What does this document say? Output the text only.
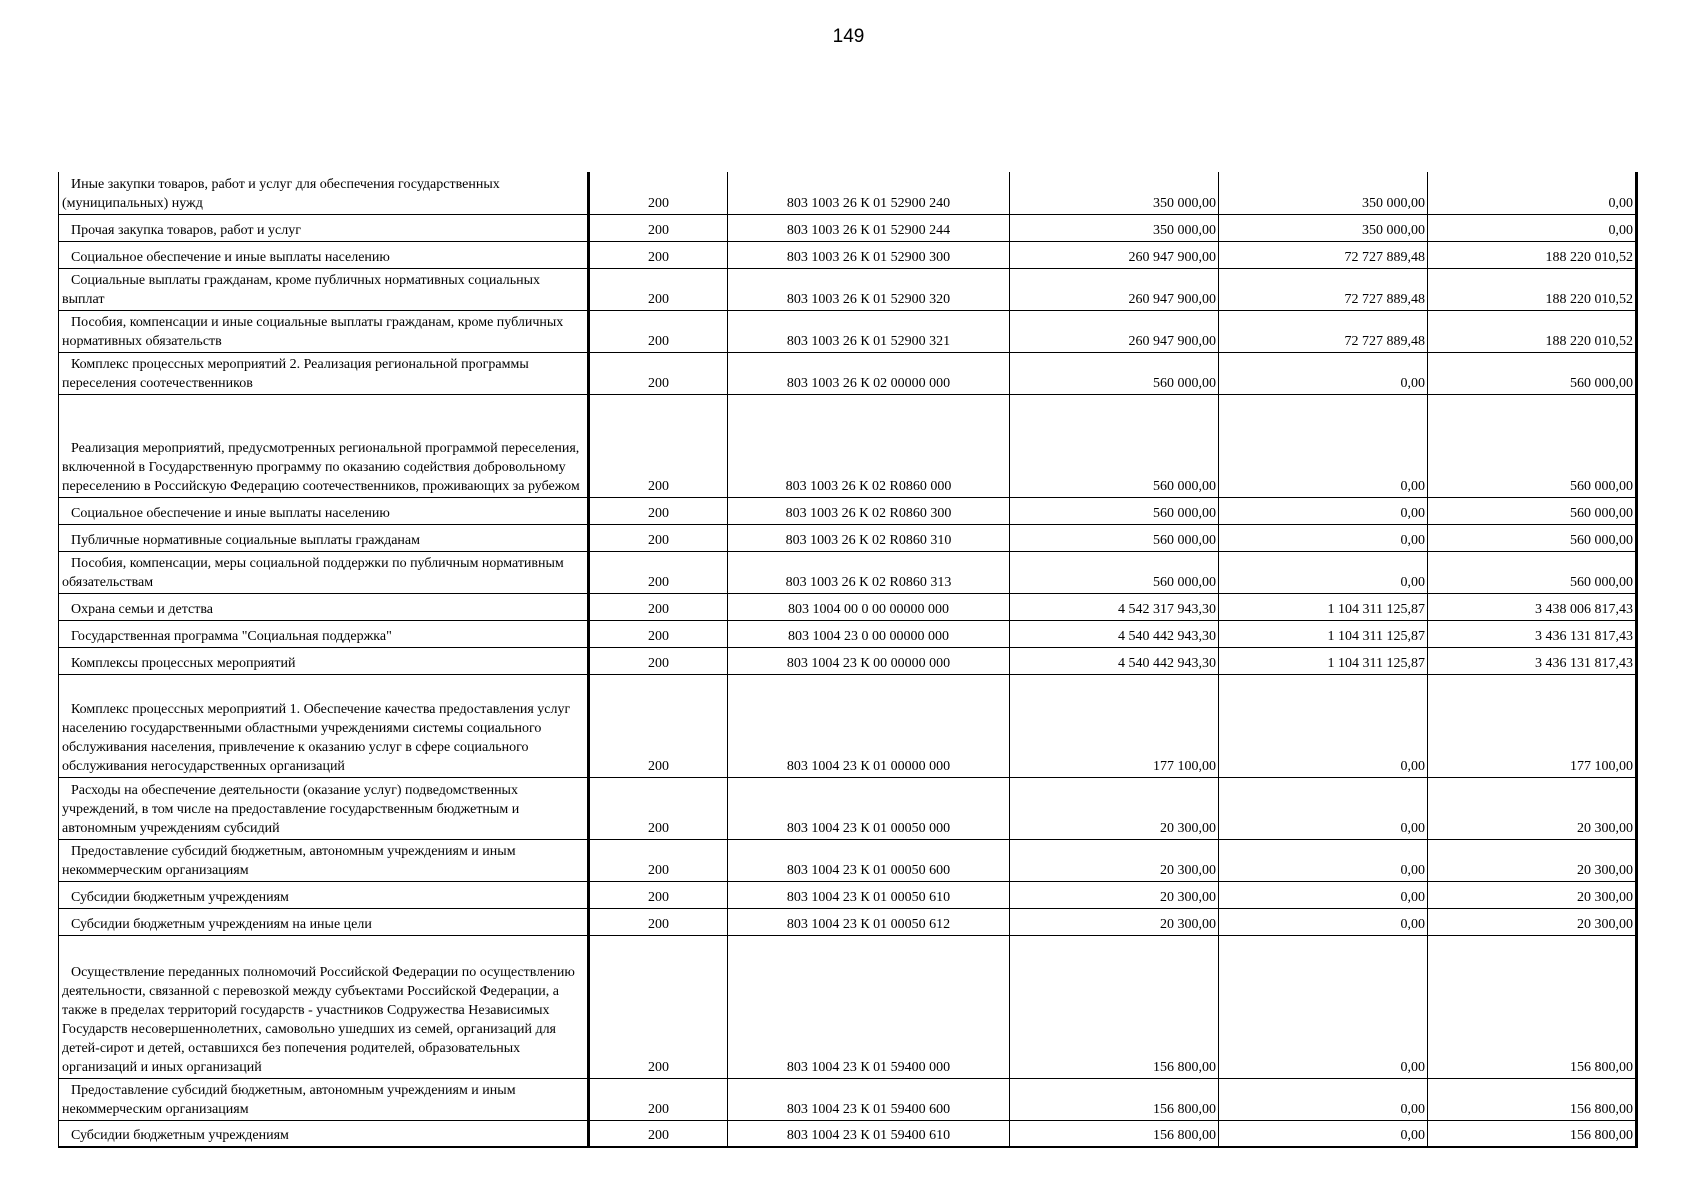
149
Иные закупки товаров, работ и услуг для обеспечения государственных (муниципальных) нужд	200	803 1003 26 К 01 52900 240	350 000,00	350 000,00	0,00
Прочая закупка товаров, работ и услуг	200	803 1003 26 К 01 52900 244	350 000,00	350 000,00	0,00
Социальное обеспечение и иные выплаты населению	200	803 1003 26 К 01 52900 300	260 947 900,00	72 727 889,48	188 220 010,52
Социальные выплаты гражданам, кроме публичных нормативных социальных выплат	200	803 1003 26 К 01 52900 320	260 947 900,00	72 727 889,48	188 220 010,52
Пособия, компенсации и иные социальные выплаты гражданам, кроме публичных нормативных обязательств	200	803 1003 26 К 01 52900 321	260 947 900,00	72 727 889,48	188 220 010,52
Комплекс процессных мероприятий 2. Реализация региональной программы переселения соотечественников	200	803 1003 26 К 02 00000 000	560 000,00	0,00	560 000,00
Реализация мероприятий, предусмотренных региональной программой переселения, включенной в Государственную программу по оказанию содействия добровольному переселению в Российскую Федерацию соотечественников, проживающих за рубежом	200	803 1003 26 К 02 R0860 000	560 000,00	0,00	560 000,00
Социальное обеспечение и иные выплаты населению	200	803 1003 26 К 02 R0860 300	560 000,00	0,00	560 000,00
Публичные нормативные социальные выплаты гражданам	200	803 1003 26 К 02 R0860 310	560 000,00	0,00	560 000,00
Пособия, компенсации, меры социальной поддержки по публичным нормативным обязательствам	200	803 1003 26 К 02 R0860 313	560 000,00	0,00	560 000,00
Охрана семьи и детства	200	803 1004 00 0 00 00000 000	4 542 317 943,30	1 104 311 125,87	3 438 006 817,43
Государственная программа "Социальная поддержка"	200	803 1004 23 0 00 00000 000	4 540 442 943,30	1 104 311 125,87	3 436 131 817,43
Комплексы процессных мероприятий	200	803 1004 23 К 00 00000 000	4 540 442 943,30	1 104 311 125,87	3 436 131 817,43
Комплекс процессных мероприятий 1. Обеспечение качества предоставления услуг населению государственными областными учреждениями системы социального обслуживания населения, привлечение к оказанию услуг в сфере социального обслуживания негосударственных организаций	200	803 1004 23 К 01 00000 000	177 100,00	0,00	177 100,00
Расходы на обеспечение деятельности (оказание услуг) подведомственных учреждений, в том числе на предоставление государственным бюджетным и автономным учреждениям субсидий	200	803 1004 23 К 01 00050 000	20 300,00	0,00	20 300,00
Предоставление субсидий бюджетным, автономным учреждениям и иным некоммерческим организациям	200	803 1004 23 К 01 00050 600	20 300,00	0,00	20 300,00
Субсидии бюджетным учреждениям	200	803 1004 23 К 01 00050 610	20 300,00	0,00	20 300,00
Субсидии бюджетным учреждениям на иные цели	200	803 1004 23 К 01 00050 612	20 300,00	0,00	20 300,00
Осуществление переданных полномочий Российской Федерации по осуществлению деятельности, связанной с перевозкой между субъектами Российской Федерации, а также в пределах территорий государств - участников Содружества Независимых Государств несовершеннолетних, самовольно ушедших из семей, организаций для детей-сирот и детей, оставшихся без попечения родителей, образовательных организаций и иных организаций	200	803 1004 23 К 01 59400 000	156 800,00	0,00	156 800,00
Предоставление субсидий бюджетным, автономным учреждениям и иным некоммерческим организациям	200	803 1004 23 К 01 59400 600	156 800,00	0,00	156 800,00
Субсидии бюджетным учреждениям	200	803 1004 23 К 01 59400 610	156 800,00	0,00	156 800,00
